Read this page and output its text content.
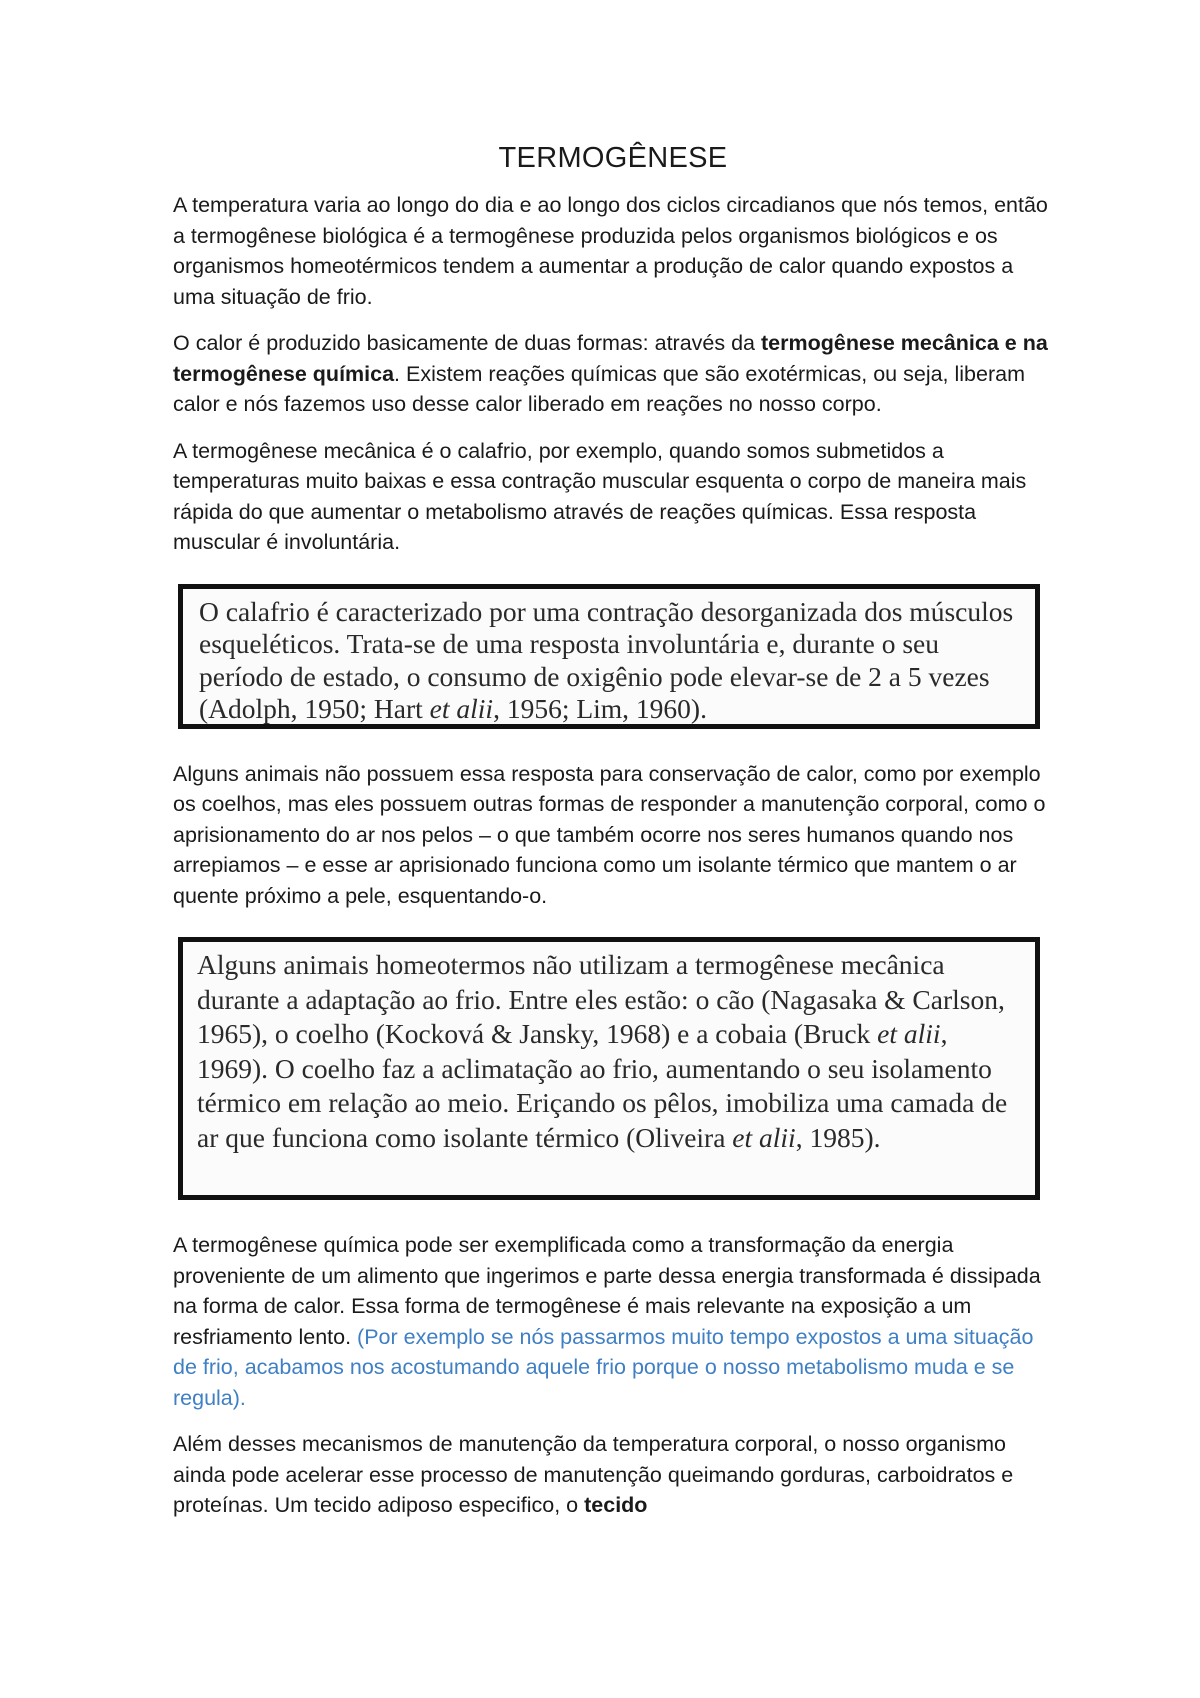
TERMOGÊNESE

A temperatura varia ao longo do dia e ao longo dos ciclos circadianos que nós temos, então a termogênese biológica é a termogênese produzida pelos organismos biológicos e os organismos homeotérmicos tendem a aumentar a produção de calor quando expostos a uma situação de frio.

O calor é produzido basicamente de duas formas: através da termogênese mecânica e na termogênese química. Existem reações químicas que são exotérmicas, ou seja, liberam calor e nós fazemos uso desse calor liberado em reações no nosso corpo.

A termogênese mecânica é o calafrio, por exemplo, quando somos submetidos a temperaturas muito baixas e essa contração muscular esquenta o corpo de maneira mais rápida do que aumentar o metabolismo através de reações químicas. Essa resposta muscular é involuntária.

O calafrio é caracterizado por uma contração desorganizada dos músculos esqueléticos. Trata-se de uma resposta involuntária e, durante o seu período de estado, o consumo de oxigênio pode elevar-se de 2 a 5 vezes (Adolph, 1950; Hart et alii, 1956; Lim, 1960).

Alguns animais não possuem essa resposta para conservação de calor, como por exemplo os coelhos, mas eles possuem outras formas de responder a manutenção corporal, como o aprisionamento do ar nos pelos – o que também ocorre nos seres humanos quando nos arrepiamos – e esse ar aprisionado funciona como um isolante térmico que mantem o ar quente próximo a pele, esquentando-o.

Alguns animais homeotermos não utilizam a termogênese mecânica durante a adaptação ao frio. Entre eles estão: o cão (Nagasaka & Carlson, 1965), o coelho (Kocková & Jansky, 1968) e a cobaia (Bruck et alii, 1969). O coelho faz a aclimatação ao frio, aumentando o seu isolamento térmico em relação ao meio. Eriçando os pêlos, imobiliza uma camada de ar que funciona como isolante térmico (Oliveira et alii, 1985).

A termogênese química pode ser exemplificada como a transformação da energia proveniente de um alimento que ingerimos e parte dessa energia transformada é dissipada na forma de calor. Essa forma de termogênese é mais relevante na exposição a um resfriamento lento. (Por exemplo se nós passarmos muito tempo expostos a uma situação de frio, acabamos nos acostumando aquele frio porque o nosso metabolismo muda e se regula).

Além desses mecanismos de manutenção da temperatura corporal, o nosso organismo ainda pode acelerar esse processo de manutenção queimando gorduras, carboidratos e proteínas. Um tecido adiposo especifico, o tecido
